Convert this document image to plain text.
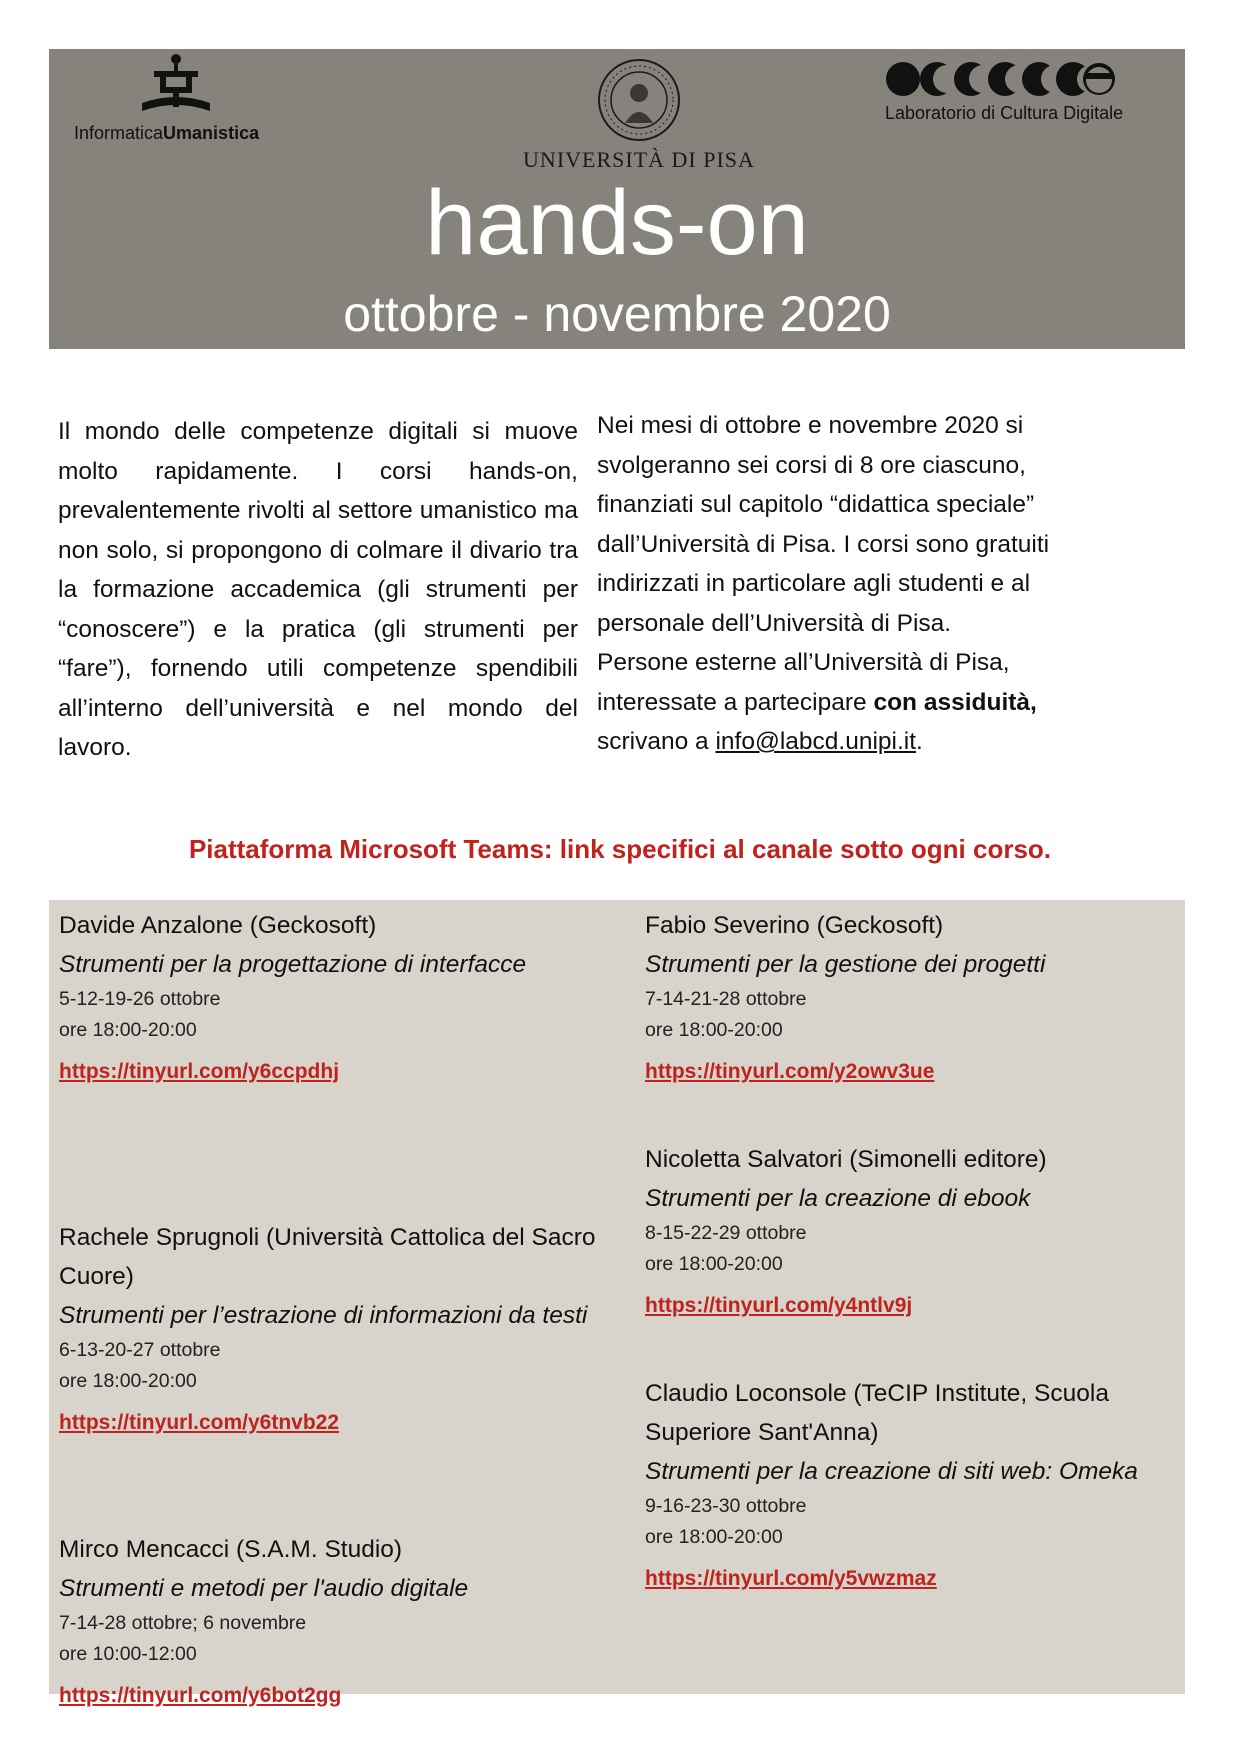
InformaticaUmanistica
UNIVERSITÀ DI PISA
Laboratorio di Cultura Digitale
hands-on
ottobre - novembre 2020
Il mondo delle competenze digitali si muove molto rapidamente. I corsi hands-on, prevalentemente rivolti al settore umanistico ma non solo, si propongono di colmare il divario tra la formazione accademica (gli strumenti per “conoscere”) e la pratica (gli strumenti per “fare”), fornendo utili competenze spendibili all’interno dell’università e nel mondo del lavoro.
Nei mesi di ottobre e novembre 2020 si svolgeranno sei corsi di 8 ore ciascuno, finanziati sul capitolo “didattica speciale” dall’Università di Pisa. I corsi sono gratuiti indirizzati in particolare agli studenti e al personale dell’Università di Pisa.
Persone esterne all’Università di Pisa, interessate a partecipare con assiduità, scrivano a info@labcd.unipi.it.
Piattaforma Microsoft Teams: link specifici al canale sotto ogni corso.
Davide Anzalone (Geckosoft)
Strumenti per la progettazione di interfacce
5-12-19-26 ottobre
ore 18:00-20:00
https://tinyurl.com/y6ccpdhj
Rachele Sprugnoli (Università Cattolica del Sacro Cuore)
Strumenti per l’estrazione di informazioni da testi
6-13-20-27 ottobre
ore 18:00-20:00
https://tinyurl.com/y6tnvb22
Mirco Mencacci (S.A.M. Studio)
Strumenti e metodi per l'audio digitale
7-14-28 ottobre; 6 novembre
ore 10:00-12:00
https://tinyurl.com/y6bot2gg
Fabio Severino (Geckosoft)
Strumenti per la gestione dei progetti
7-14-21-28 ottobre
ore 18:00-20:00
https://tinyurl.com/y2owv3ue
Nicoletta Salvatori (Simonelli editore)
Strumenti per la creazione di ebook
8-15-22-29 ottobre
ore 18:00-20:00
https://tinyurl.com/y4ntlv9j
Claudio Loconsole (TeCIP Institute, Scuola Superiore Sant'Anna)
Strumenti per la creazione di siti web: Omeka
9-16-23-30 ottobre
ore 18:00-20:00
https://tinyurl.com/y5vwzmaz
